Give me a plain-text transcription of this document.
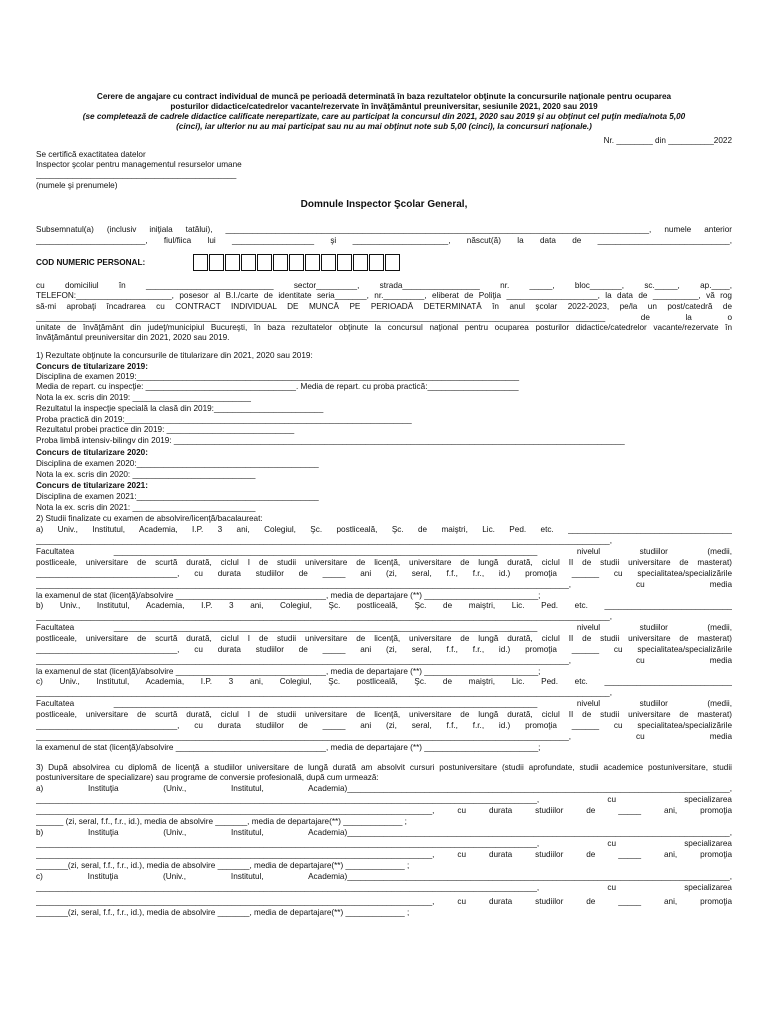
Cerere de angajare cu contract individual de muncă pe perioadă determinată în baza rezultatelor obţinute la concursurile naţionale pentru ocuparea
posturilor didactice/catedrelor vacante/rezervate în învăţământul preuniversitar, sesiunile 2021, 2020 sau 2019
(se completează de cadrele didactice calificate nerepartizate, care au participat la concursul din 2021, 2020 sau 2019 şi au obţinut cel puţin media/nota 5,00
(cinci), iar ulterior nu au mai participat sau nu au mai obţinut note sub 5,00 (cinci), la concursuri naţionale.)
Nr. ________ din __________2022
Se certifică exactitatea datelor
Inspector şcolar pentru managementul resurselor umane
____________________________________________
(numele şi prenumele)
Domnule Inspector Şcolar General,
Subsemnatul(a) (inclusiv iniţiala tatălui), _____________________________________________________________________________________________, numele anterior
________________________, fiul/fiica lui __________________ şi _____________________, născut(ă) la data de _____________________________,
COD NUMERIC PERSONAL:
cu domiciliul în ____________________________ sector_________, strada_________________ nr. _____, bloc_______, sc._____, ap.____,
TELEFON:_____________________, posesor al B.I./carte de identitate seria_______, nr._________, eliberat de Poliţia ____________________, la data de __________, vă rog
să-mi aprobaţi încadrarea cu CONTRACT INDIVIDUAL DE MUNCĂ PE PERIOADĂ DETERMINATĂ în anul şcolar 2022-2023, pe/la un post/catedră de
_____________________________________________________________________________________________________________________________ de la o
unitate de învăţământ din judeţ/municipiul Bucureşti, în baza rezultatelor obţinute la concursul naţional pentru ocuparea posturilor didactice/catedrelor vacante/rezervate în
învăţământul preuniversitar din 2021, 2020 sau 2019.
1) Rezultate obţinute la concursurile de titularizare din 2021, 2020 sau 2019:
Concurs de titularizare 2019:
Disciplina de examen 2019:____________________________________________________________________________________
Media de repart. cu inspecţie: _________________________________. Media de repart. cu proba practică:____________________
Nota la ex. scris din 2019: __________________________
Rezultatul la inspecţie specială la clasă din 2019:________________________
Proba practică din 2019:_______________________________________________________________
Rezultatul probei practice din 2019: ____________________________
Proba limbă intensiv-bilingv din 2019: ___________________________________________________________________________________________________
Concurs de titularizare 2020:
Disciplina de examen 2020:________________________________________
Nota la ex. scris din 2020: ___________________________
Concurs de titularizare 2021:
Disciplina de examen 2021:________________________________________
Nota la ex. scris din 2021: ___________________________
2) Studii finalizate cu examen de absolvire/licenţă/bacalaureat:
a) Univ., Institutul, Academia, I.P. 3 ani, Colegiul, Şc. postliceală, Şc. de maiştri, Lic. Ped. etc. ____________________________________
______________________________________________________________________________________________________________________________,
Facultatea _____________________________________________________________________________________________ nivelul studiilor (medii,
postliceale, universitare de scurtă durată, ciclul I de studii universitare de licenţă, universitare de lungă durată, ciclul II de studii universitare de masterat)
_______________________________, cu durata studiilor de _____ ani (zi, seral, f.f., f.r., id.) promoţia ______ cu specialitatea/specializările
_____________________________________________________________________________________________________________________, cu media
la examenul de stat (licenţă)/absolvire _________________________________, media de departajare (**) _________________________;
b) Univ., Institutul, Academia, I.P. 3 ani, Colegiul, Şc. postliceală, Şc. de maiştri, Lic. Ped. etc. ____________________________
______________________________________________________________________________________________________________________________,
Facultatea _____________________________________________________________________________________________ nivelul studiilor (medii,
postliceale, universitare de scurtă durată, ciclul I de studii universitare de licenţă, universitare de lungă durată, ciclul II de studii universitare de masterat)
_______________________________, cu durata studiilor de _____ ani (zi, seral, f.f., f.r., id.) promoţia ______ cu specialitatea/specializările
_____________________________________________________________________________________________________________________, cu media
la examenul de stat (licenţă)/absolvire _________________________________, media de departajare (**) _________________________;
c) Univ., Institutul, Academia, I.P. 3 ani, Colegiul, Şc. postliceală, Şc. de maiştri, Lic. Ped. etc. ____________________________
______________________________________________________________________________________________________________________________,
Facultatea _____________________________________________________________________________________________ nivelul studiilor (medii,
postliceale, universitare de scurtă durată, ciclul I de studii universitare de licenţă, universitare de lungă durată, ciclul II de studii universitare de masterat)
_______________________________, cu durata studiilor de _____ ani (zi, seral, f.f., f.r., id.) promoţia ______ cu specialitatea/specializările
_____________________________________________________________________________________________________________________, cu media
la examenul de stat (licenţă)/absolvire _________________________________, media de departajare (**) _________________________;
3) După absolvirea cu diplomă de licenţă a studiilor universitare de lungă durată am absolvit cursuri postuniversitare (studii aprofundate, studii academice postuniversitare, studii
postuniversitare de specializare) sau programe de conversie profesională, după cum urmează:
a) Instituţia (Univ., Institutul, Academia)____________________________________________________________________________________,
______________________________________________________________________________________________________________, cu specializarea
_______________________________________________________________________________________, cu durata studiilor de _____ ani, promoţia
______ (zi, seral, f.f., f.r., id.), media de absolvire _______, media de departajare(**) _____________ ;
b) Instituţia (Univ., Institutul, Academia)____________________________________________________________________________________,
______________________________________________________________________________________________________________, cu specializarea
_______________________________________________________________________________________, cu durata studiilor de _____ ani, promoţia
_______(zi, seral, f.f., f.r., id.), media de absolvire _______, media de departajare(**) _____________ ;
c) Instituţia (Univ., Institutul, Academia)____________________________________________________________________________________,
______________________________________________________________________________________________________________, cu specializarea
_______________________________________________________________________________________, cu durata studiilor de _____ ani, promoţia
_______(zi, seral, f.f., f.r., id.), media de absolvire _______, media de departajare(**) _____________ ;
